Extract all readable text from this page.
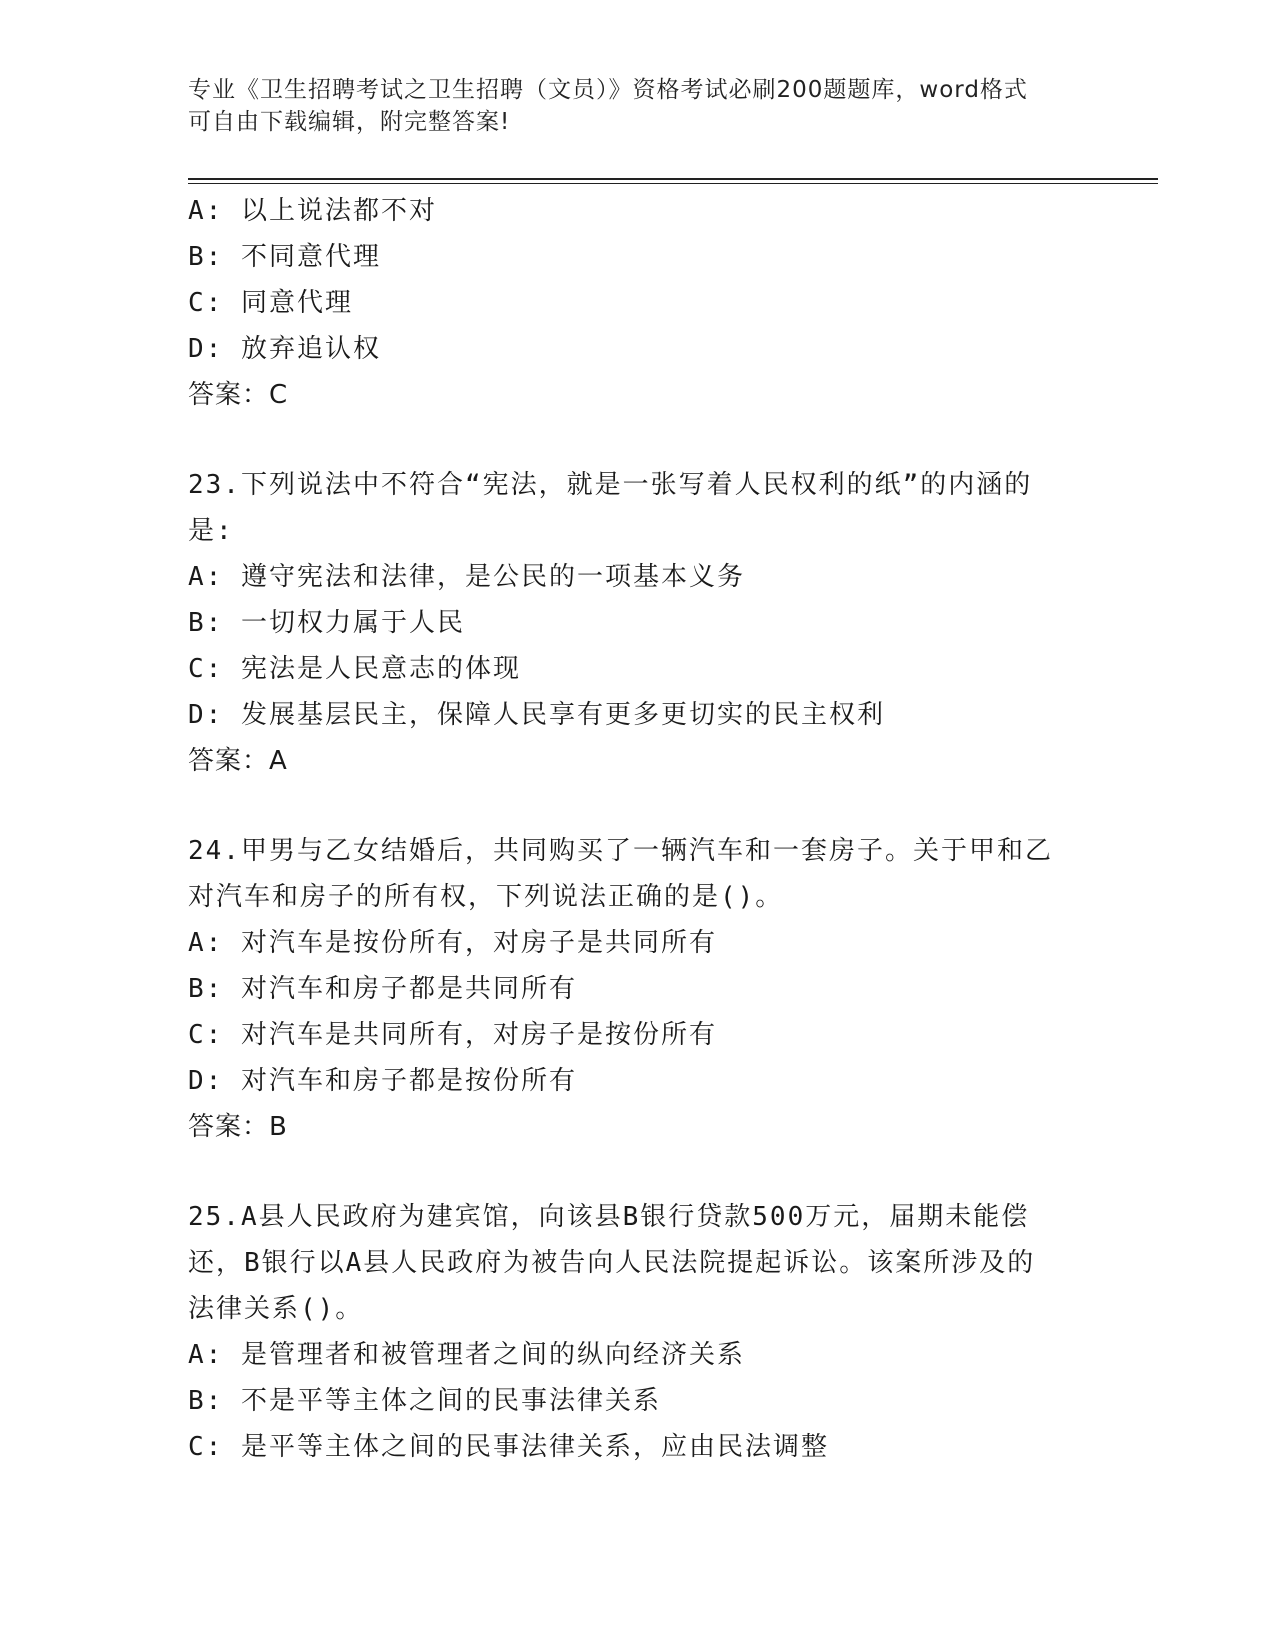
专业《卫生招聘考试之卫生招聘（文员）》资格考试必刷200题题库，word格式
可自由下载编辑，附完整答案!
A: 以上说法都不对
B: 不同意代理
C: 同意代理
D: 放弃追认权
答案：C
23.下列说法中不符合“宪法，就是一张写着人民权利的纸”的内涵的
是:
A: 遵守宪法和法律，是公民的一项基本义务
B: 一切权力属于人民
C: 宪法是人民意志的体现
D: 发展基层民主，保障人民享有更多更切实的民主权利
答案：A
24.甲男与乙女结婚后，共同购买了一辆汽车和一套房子。关于甲和乙
对汽车和房子的所有权，下列说法正确的是()。
A: 对汽车是按份所有，对房子是共同所有
B: 对汽车和房子都是共同所有
C: 对汽车是共同所有，对房子是按份所有
D: 对汽车和房子都是按份所有
答案：B
25.A县人民政府为建宾馆，向该县B银行贷款500万元，届期未能偿
还，B银行以A县人民政府为被告向人民法院提起诉讼。该案所涉及的
法律关系()。
A: 是管理者和被管理者之间的纵向经济关系
B: 不是平等主体之间的民事法律关系
C: 是平等主体之间的民事法律关系，应由民法调整
